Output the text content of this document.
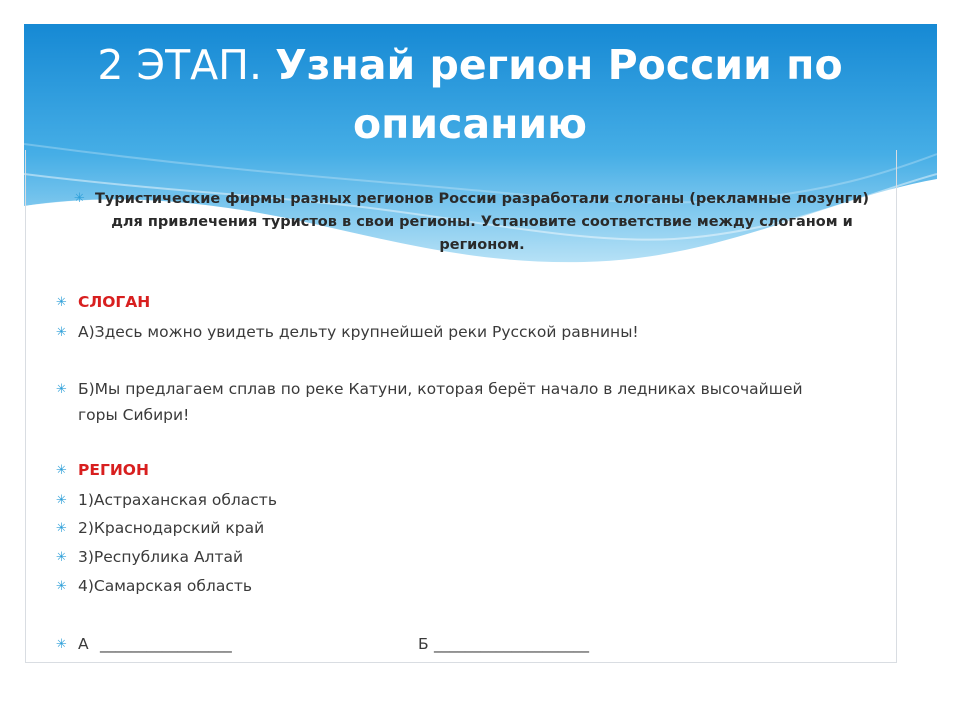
2 ЭТАП. Узнай регион России по
описанию
✳ Туристические фирмы разных регионов России разработали слоганы (рекламные лозунги) для привлечения туристов в свои регионы. Установите соответствие между слоганом и регионом.
✳ СЛОГАН
✳ А)Здесь можно увидеть дельту крупнейшей реки Русской равнины!
✳ Б)Мы предлагаем сплав по реке Катуни, которая берёт начало в ледниках высочайшей
горы Сибири!
✳ РЕГИОН
✳ 1)Астраханская область
✳ 2)Краснодарский край
✳ 3)Республика Алтай
✳ 4)Самарская область
✳ А _________________	Б ____________________
